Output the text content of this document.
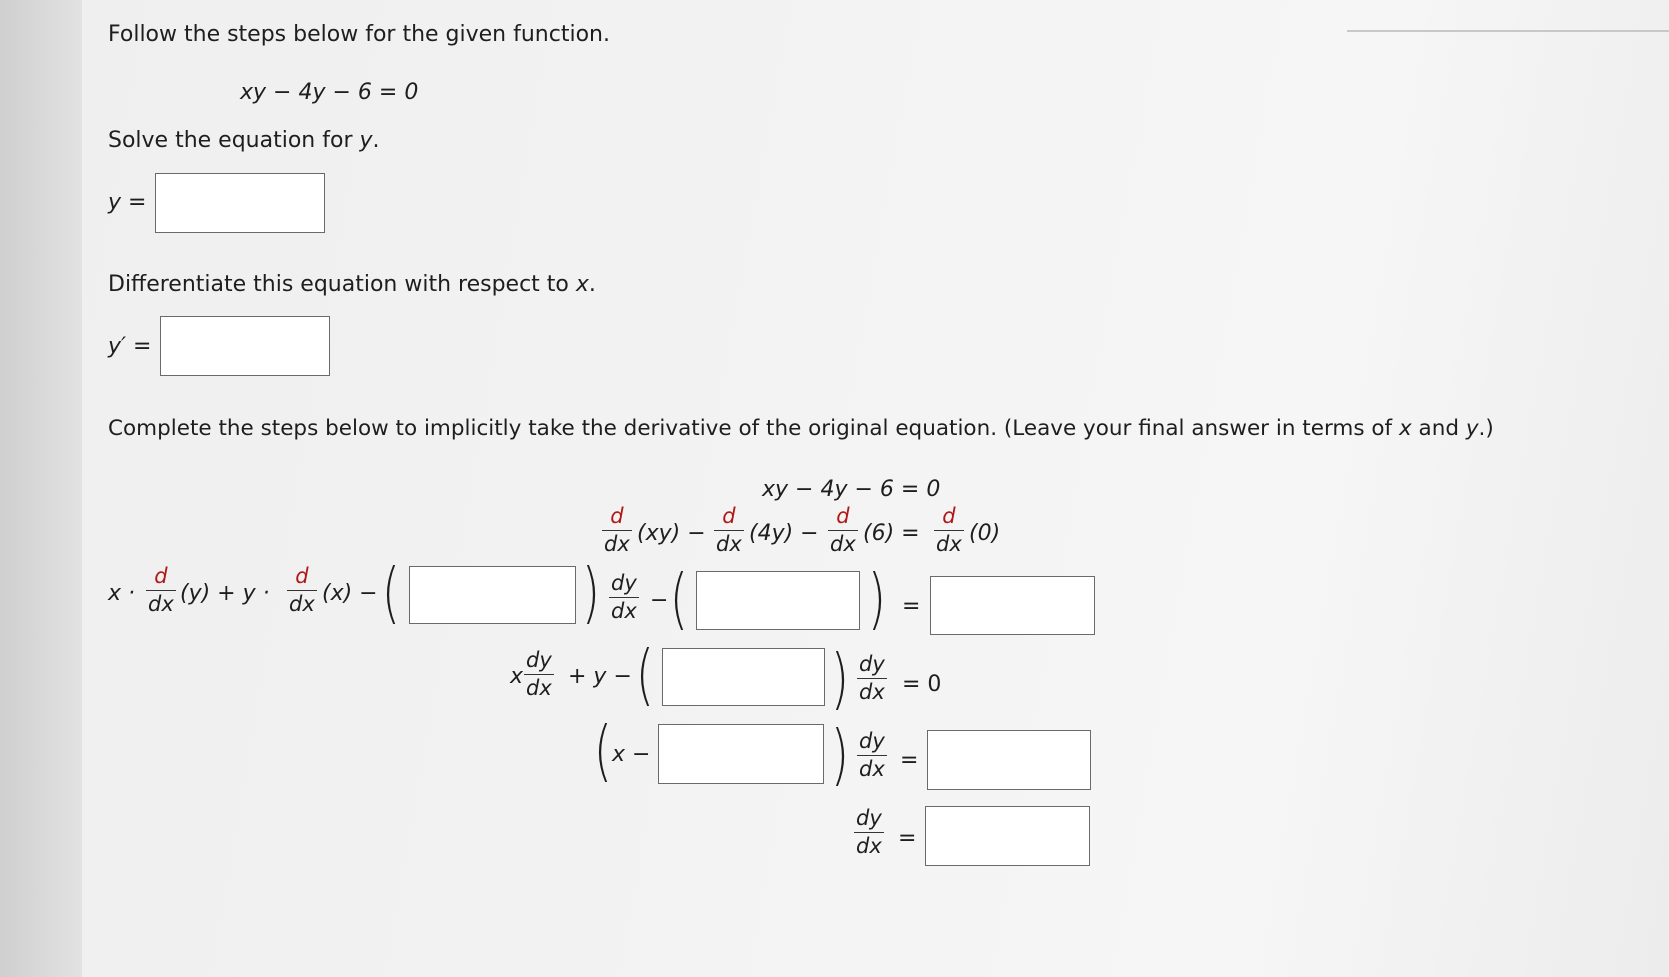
Follow the steps below for the given function.
xy − 4y − 6 = 0
Solve the equation for y.
y =
Differentiate this equation with respect to x.
y′ =
Complete the steps below to implicitly take the derivative of the original equation. (Leave your final answer in terms of x and y.)
xy − 4y − 6 = 0
$\frac{d}{dx} (xy) - \frac{d}{dx} (4y) - \frac{d}{dx} (6) = \frac{d}{dx} (0)$
$x \cdot \frac{d}{dx} (y) + y \cdot \frac{d}{dx} (x)$ − (	) $\frac{dy}{dx}$ − (	) =
x $\frac{dy}{dx} + y$ − (	) $\frac{dy}{dx} = 0$
( x −	) $\frac{dy}{dx}$ =
$\frac{dy}{dx}$ =
